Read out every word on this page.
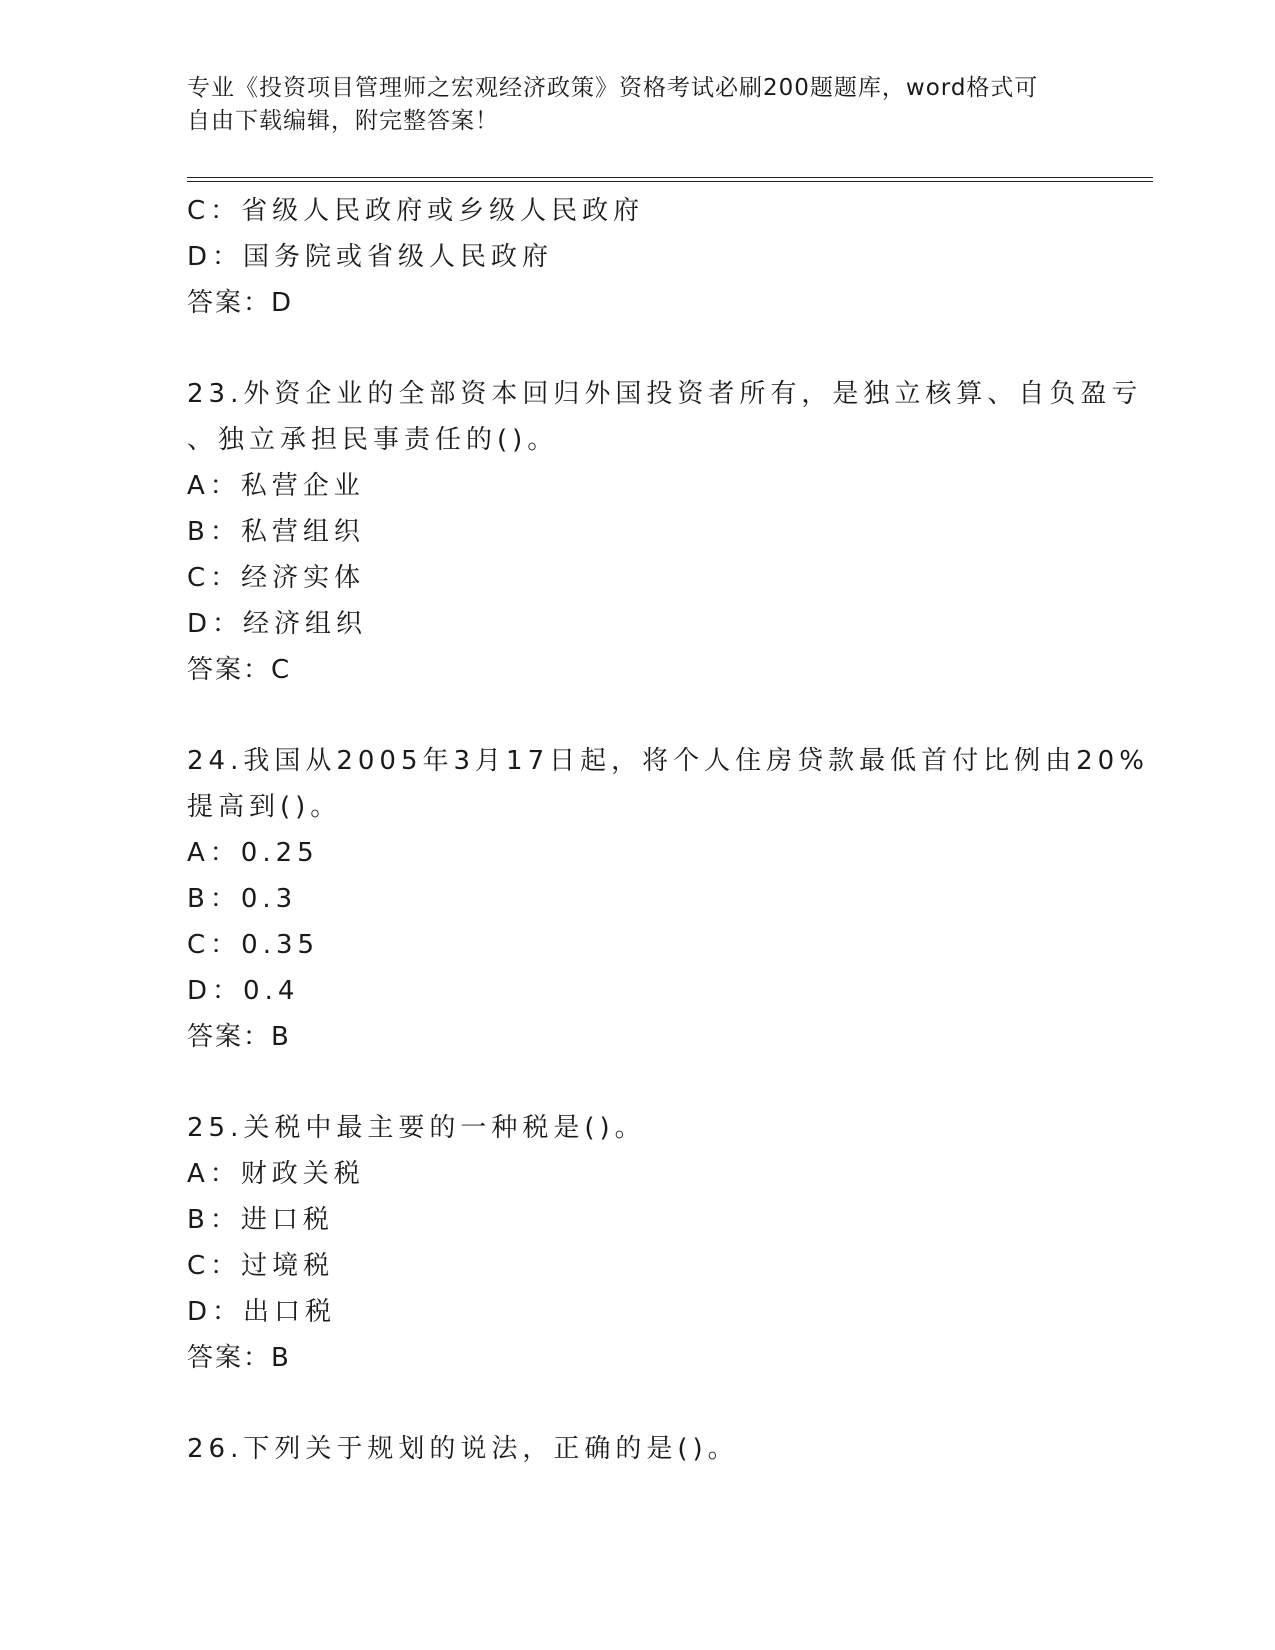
专业《投资项目管理师之宏观经济政策》资格考试必刷200题题库，word格式可
自由下载编辑，附完整答案！
C：省级人民政府或乡级人民政府
D：国务院或省级人民政府
答案：D
23.外资企业的全部资本回归外国投资者所有，是独立核算、自负盈亏
、独立承担民事责任的()。
A：私营企业
B：私营组织
C：经济实体
D：经济组织
答案：C
24.我国从2005年3月17日起，将个人住房贷款最低首付比例由20%
提高到()。
A：0.25
B：0.3
C：0.35
D：0.4
答案：B
25.关税中最主要的一种税是()。
A：财政关税
B：进口税
C：过境税
D：出口税
答案：B
26.下列关于规划的说法，正确的是()。
